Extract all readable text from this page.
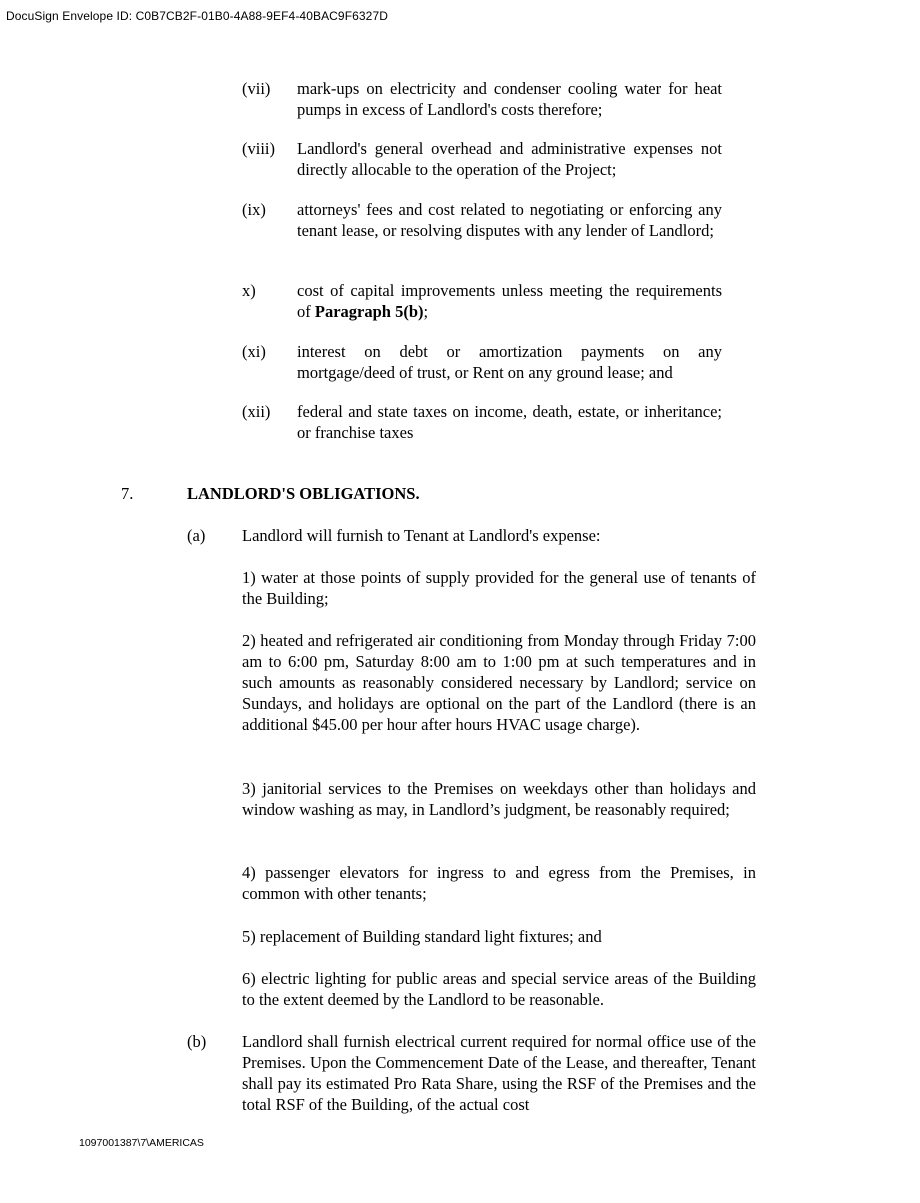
DocuSign Envelope ID: C0B7CB2F-01B0-4A88-9EF4-40BAC9F6327D
(vii) mark-ups on electricity and condenser cooling water for heat pumps in excess of Landlord's costs therefore;
(viii) Landlord's general overhead and administrative expenses not directly allocable to the operation of the Project;
(ix) attorneys' fees and cost related to negotiating or enforcing any tenant lease, or resolving disputes with any lender of Landlord;
x)	cost of capital improvements unless meeting the requirements of Paragraph 5(b);
(xi) interest on debt or amortization payments on any mortgage/deed of trust, or Rent on any ground lease; and
(xii) federal and state taxes on income, death, estate, or inheritance; or franchise taxes
7.	LANDLORD'S OBLIGATIONS.
(a) Landlord will furnish to Tenant at Landlord's expense:
1) water at those points of supply provided for the general use of tenants of the Building;
2) heated and refrigerated air conditioning from Monday through Friday 7:00 am to 6:00 pm, Saturday 8:00 am to 1:00 pm at such temperatures and in such amounts as reasonably considered necessary by Landlord; service on Sundays, and holidays are optional on the part of the Landlord (there is an additional $45.00 per hour after hours HVAC usage charge).
3) janitorial services to the Premises on weekdays other than holidays and window washing as may, in Landlord’s judgment, be reasonably required;
4) passenger elevators for ingress to and egress from the Premises, in common with other tenants;
5) replacement of Building standard light fixtures; and
6) electric lighting for public areas and special service areas of the Building to the extent deemed by the Landlord to be reasonable.
(b) Landlord shall furnish electrical current required for normal office use of the Premises. Upon the Commencement Date of the Lease, and thereafter, Tenant shall pay its estimated Pro Rata Share, using the RSF of the Premises and the total RSF of the Building, of the actual cost
1097001387\7\AMERICAS
